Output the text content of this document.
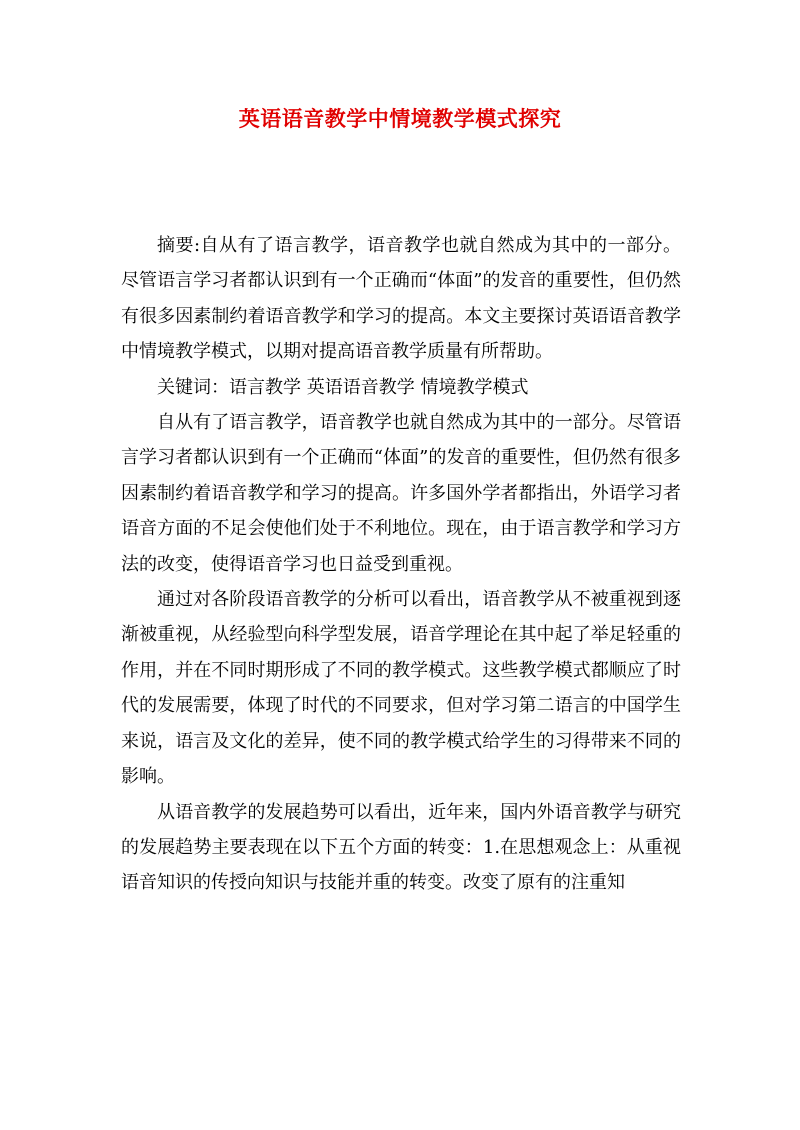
英语语音教学中情境教学模式探究

摘要:自从有了语言教学，语音教学也就自然成为其中的一部分。尽管语言学习者都认识到有一个正确而“体面”的发音的重要性，但仍然有很多因素制约着语音教学和学习的提高。本文主要探讨英语语音教学中情境教学模式，以期对提高语音教学质量有所帮助。

关键词：语言教学 英语语音教学 情境教学模式

自从有了语言教学，语音教学也就自然成为其中的一部分。尽管语言学习者都认识到有一个正确而“体面”的发音的重要性，但仍然有很多因素制约着语音教学和学习的提高。许多国外学者都指出，外语学习者语音方面的不足会使他们处于不利地位。现在，由于语言教学和学习方法的改变，使得语音学习也日益受到重视。

通过对各阶段语音教学的分析可以看出，语音教学从不被重视到逐渐被重视，从经验型向科学型发展，语音学理论在其中起了举足轻重的作用，并在不同时期形成了不同的教学模式。这些教学模式都顺应了时代的发展需要，体现了时代的不同要求，但对学习第二语言的中国学生来说，语言及文化的差异，使不同的教学模式给学生的习得带来不同的影响。

从语音教学的发展趋势可以看出，近年来，国内外语音教学与研究的发展趋势主要表现在以下五个方面的转变：1.在思想观念上：从重视语音知识的传授向知识与技能并重的转变。改变了原有的注重知
